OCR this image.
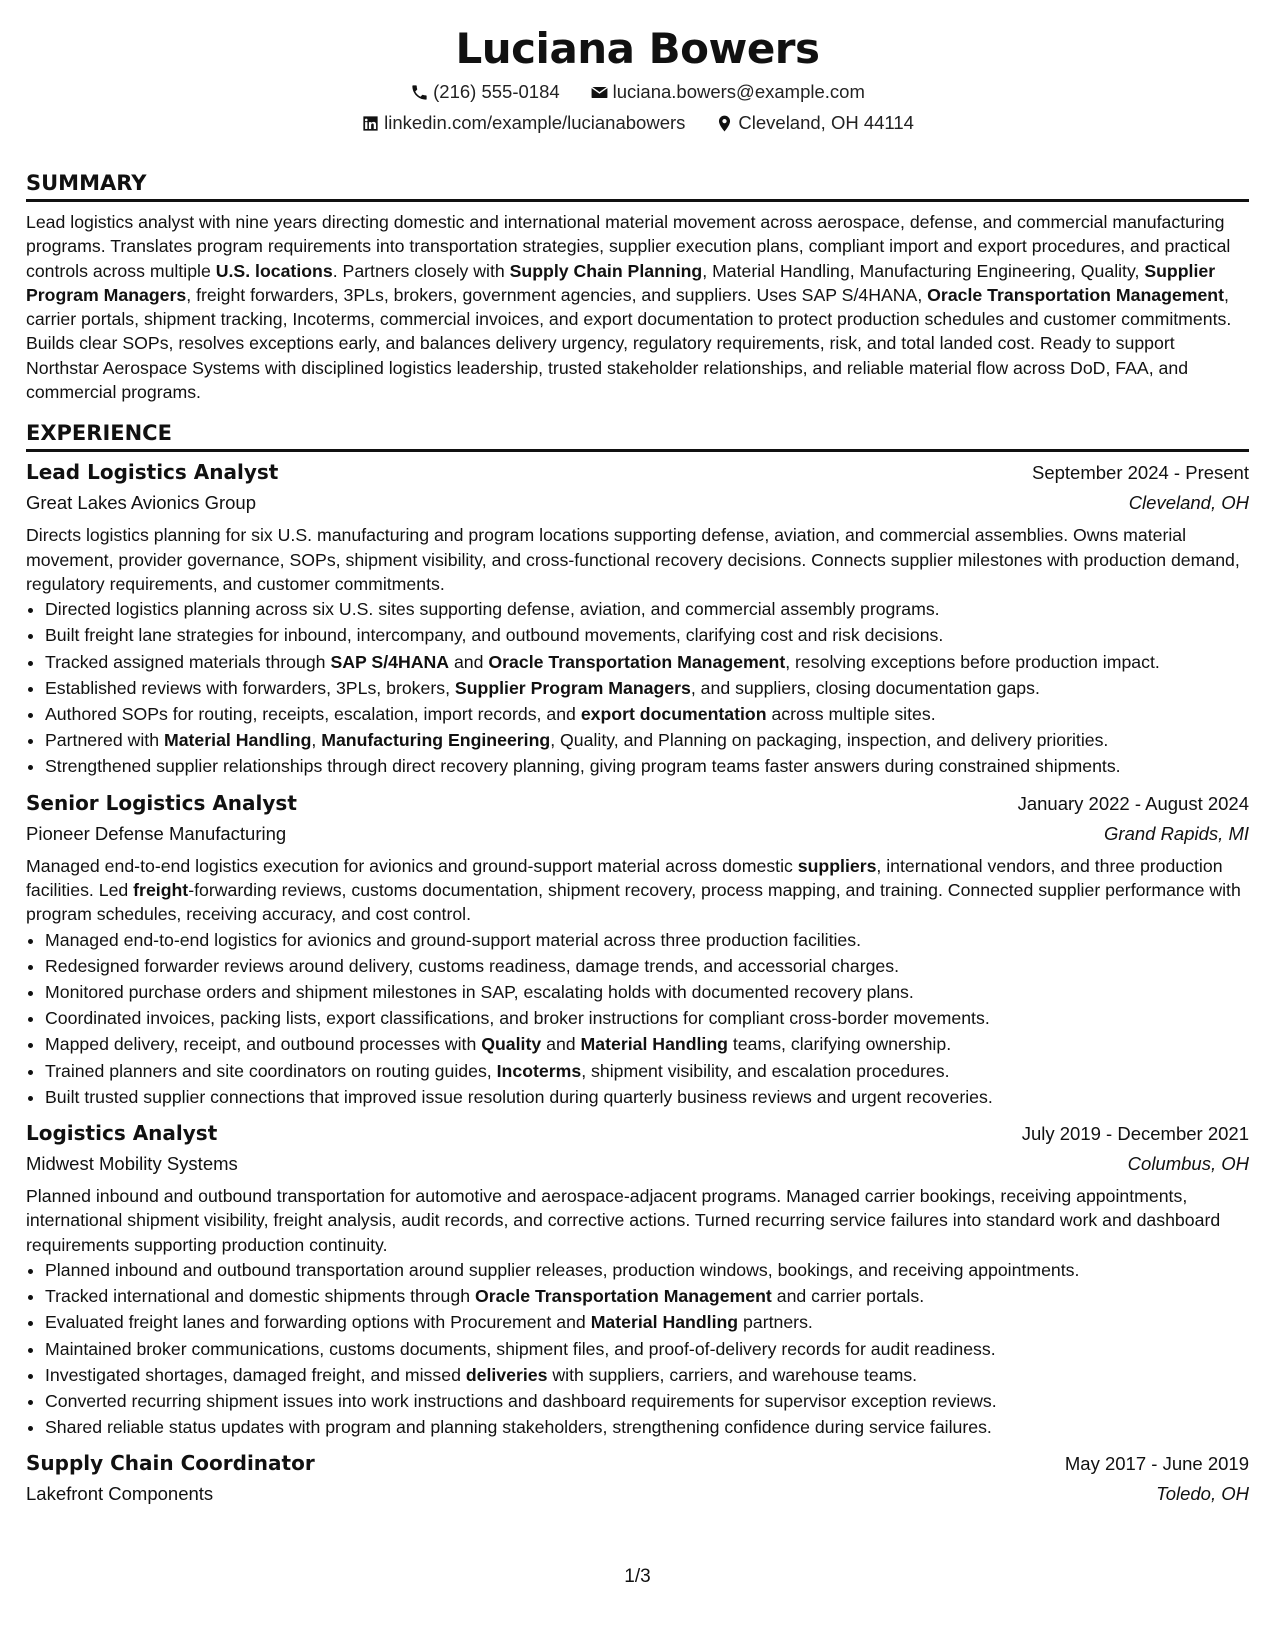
Luciana Bowers
(216) 555-0184	luciana.bowers@example.com
linkedin.com/example/lucianabowers	Cleveland, OH 44114
SUMMARY

Lead logistics analyst with nine years directing domestic and international material movement across aerospace, defense, and commercial manufacturing programs. Translates program requirements into transportation strategies, supplier execution plans, compliant import and export procedures, and practical controls across multiple U.S. locations. Partners closely with Supply Chain Planning, Material Handling, Manufacturing Engineering, Quality, Supplier Program Managers, freight forwarders, 3PLs, brokers, government agencies, and suppliers. Uses SAP S/4HANA, Oracle Transportation Management, carrier portals, shipment tracking, Incoterms, commercial invoices, and export documentation to protect production schedules and customer commitments. Builds clear SOPs, resolves exceptions early, and balances delivery urgency, regulatory requirements, risk, and total landed cost. Ready to support Northstar Aerospace Systems with disciplined logistics leadership, trusted stakeholder relationships, and reliable material flow across DoD, FAA, and commercial programs.

EXPERIENCE
Lead Logistics Analyst	September 2024 - Present
Great Lakes Avionics Group	Cleveland, OH

Directs logistics planning for six U.S. manufacturing and program locations supporting defense, aviation, and commercial assemblies. Owns material movement, provider governance, SOPs, shipment visibility, and cross-functional recovery decisions. Connects supplier milestones with production demand, regulatory requirements, and customer commitments.

• Directed logistics planning across six U.S. sites supporting defense, aviation, and commercial assembly programs.
• Built freight lane strategies for inbound, intercompany, and outbound movements, clarifying cost and risk decisions.
• Tracked assigned materials through SAP S/4HANA and Oracle Transportation Management, resolving exceptions before production impact.
• Established reviews with forwarders, 3PLs, brokers, Supplier Program Managers, and suppliers, closing documentation gaps.
• Authored SOPs for routing, receipts, escalation, import records, and export documentation across multiple sites.
• Partnered with Material Handling, Manufacturing Engineering, Quality, and Planning on packaging, inspection, and delivery priorities.
• Strengthened supplier relationships through direct recovery planning, giving program teams faster answers during constrained shipments.
Senior Logistics Analyst	January 2022 - August 2024
Pioneer Defense Manufacturing	Grand Rapids, MI

Managed end-to-end logistics execution for avionics and ground-support material across domestic suppliers, international vendors, and three production facilities. Led freight-forwarding reviews, customs documentation, shipment recovery, process mapping, and training. Connected supplier performance with program schedules, receiving accuracy, and cost control.

• Managed end-to-end logistics for avionics and ground-support material across three production facilities.
• Redesigned forwarder reviews around delivery, customs readiness, damage trends, and accessorial charges.
• Monitored purchase orders and shipment milestones in SAP, escalating holds with documented recovery plans.
• Coordinated invoices, packing lists, export classifications, and broker instructions for compliant cross-border movements.
• Mapped delivery, receipt, and outbound processes with Quality and Material Handling teams, clarifying ownership.
• Trained planners and site coordinators on routing guides, Incoterms, shipment visibility, and escalation procedures.
• Built trusted supplier connections that improved issue resolution during quarterly business reviews and urgent recoveries.
Logistics Analyst	July 2019 - December 2021
Midwest Mobility Systems	Columbus, OH

Planned inbound and outbound transportation for automotive and aerospace-adjacent programs. Managed carrier bookings, receiving appointments, international shipment visibility, freight analysis, audit records, and corrective actions. Turned recurring service failures into standard work and dashboard requirements supporting production continuity.

• Planned inbound and outbound transportation around supplier releases, production windows, bookings, and receiving appointments.
• Tracked international and domestic shipments through Oracle Transportation Management and carrier portals.
• Evaluated freight lanes and forwarding options with Procurement and Material Handling partners.
• Maintained broker communications, customs documents, shipment files, and proof-of-delivery records for audit readiness.
• Investigated shortages, damaged freight, and missed deliveries with suppliers, carriers, and warehouse teams.
• Converted recurring shipment issues into work instructions and dashboard requirements for supervisor exception reviews.
• Shared reliable status updates with program and planning stakeholders, strengthening confidence during service failures.
Supply Chain Coordinator	May 2017 - June 2019
Lakefront Components	Toledo, OH
1/3
